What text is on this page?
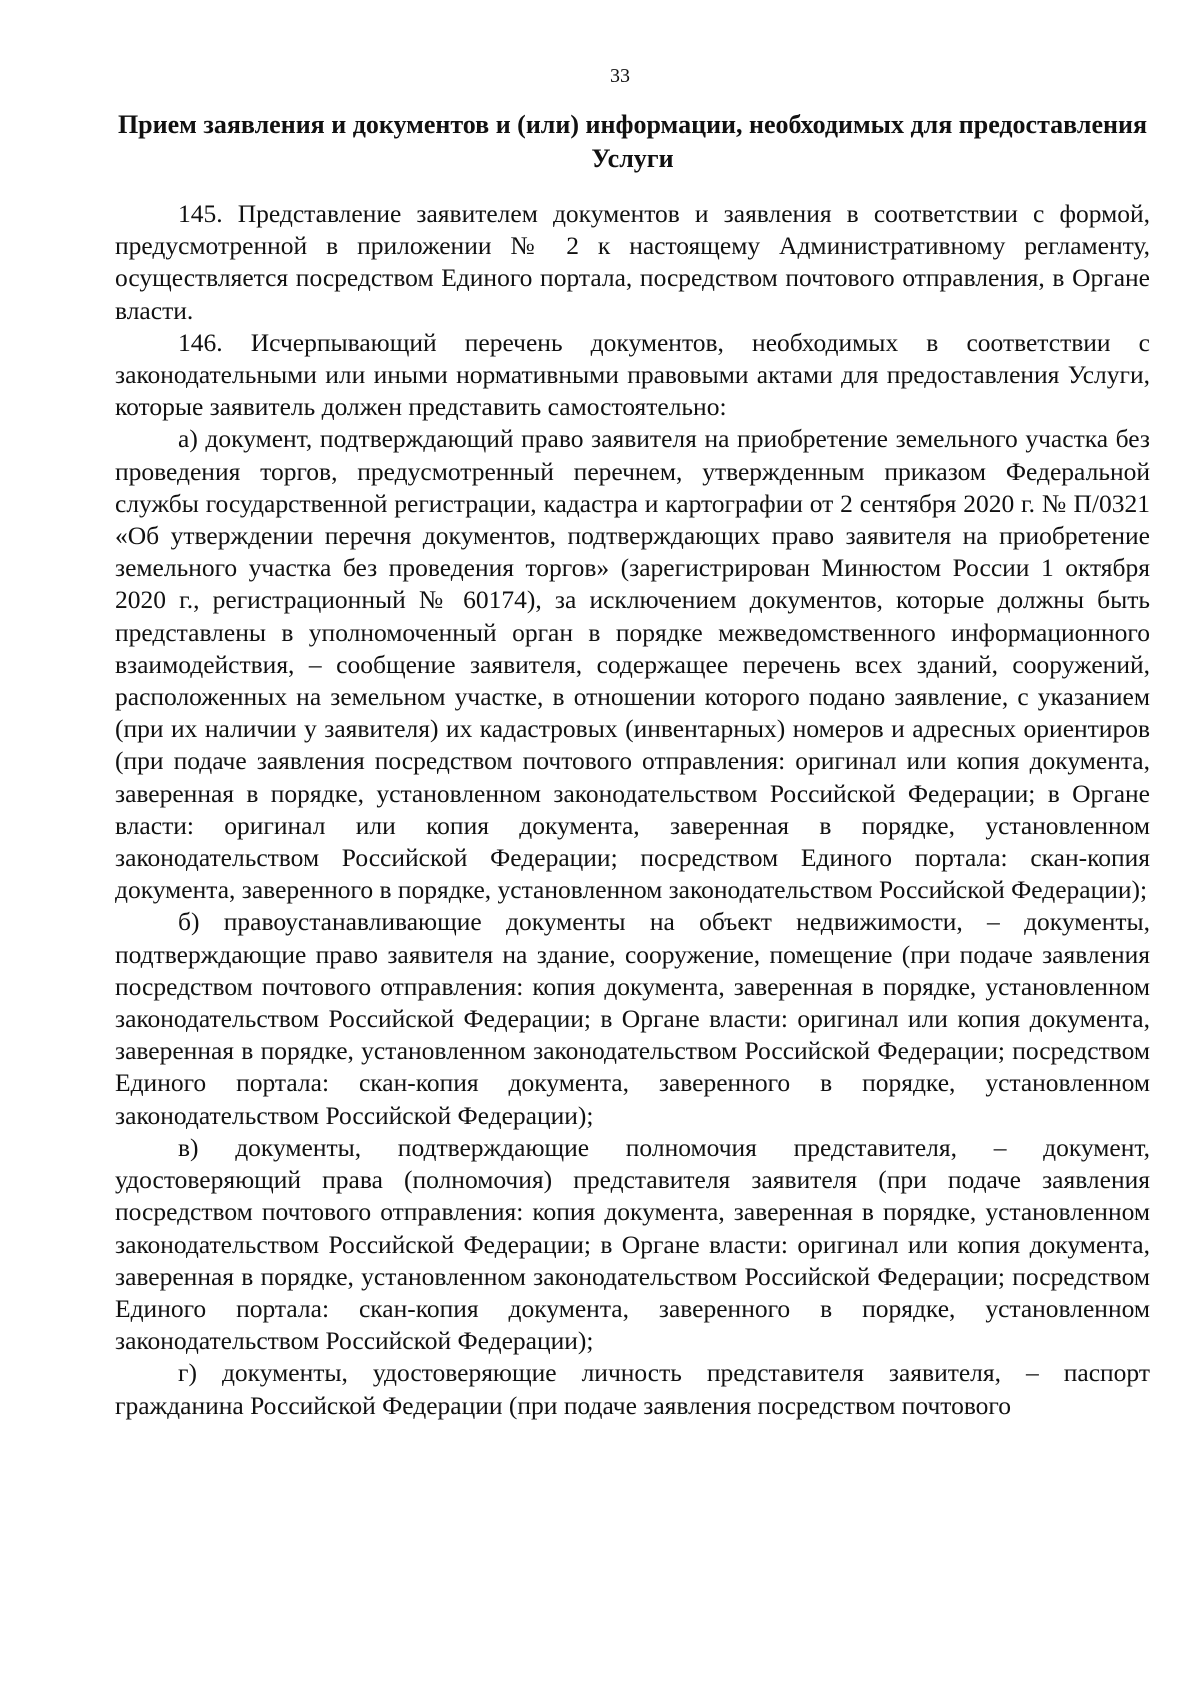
33
Прием заявления и документов и (или) информации, необходимых для предоставления Услуги

145. Представление заявителем документов и заявления в соответствии с формой, предусмотренной в приложении № 2 к настоящему Административному регламенту, осуществляется посредством Единого портала, посредством почтового отправления, в Органе власти.

146. Исчерпывающий перечень документов, необходимых в соответствии с законодательными или иными нормативными правовыми актами для предоставления Услуги, которые заявитель должен представить самостоятельно:

а) документ, подтверждающий право заявителя на приобретение земельного участка без проведения торгов, предусмотренный перечнем, утвержденным приказом Федеральной службы государственной регистрации, кадастра и картографии от 2 сентября 2020 г. № П/0321 «Об утверждении перечня документов, подтверждающих право заявителя на приобретение земельного участка без проведения торгов» (зарегистрирован Минюстом России 1 октября 2020 г., регистрационный № 60174), за исключением документов, которые должны быть представлены в уполномоченный орган в порядке межведомственного информационного взаимодействия, – сообщение заявителя, содержащее перечень всех зданий, сооружений, расположенных на земельном участке, в отношении которого подано заявление, с указанием (при их наличии у заявителя) их кадастровых (инвентарных) номеров и адресных ориентиров (при подаче заявления посредством почтового отправления: оригинал или копия документа, заверенная в порядке, установленном законодательством Российской Федерации; в Органе власти: оригинал или копия документа, заверенная в порядке, установленном законодательством Российской Федерации; посредством Единого портала: скан-копия документа, заверенного в порядке, установленном законодательством Российской Федерации);

б) правоустанавливающие документы на объект недвижимости, – документы, подтверждающие право заявителя на здание, сооружение, помещение (при подаче заявления посредством почтового отправления: копия документа, заверенная в порядке, установленном законодательством Российской Федерации; в Органе власти: оригинал или копия документа, заверенная в порядке, установленном законодательством Российской Федерации; посредством Единого портала: скан-копия документа, заверенного в порядке, установленном законодательством Российской Федерации);

в) документы, подтверждающие полномочия представителя, – документ, удостоверяющий права (полномочия) представителя заявителя (при подаче заявления посредством почтового отправления: копия документа, заверенная в порядке, установленном законодательством Российской Федерации; в Органе власти: оригинал или копия документа, заверенная в порядке, установленном законодательством Российской Федерации; посредством Единого портала: скан-копия документа, заверенного в порядке, установленном законодательством Российской Федерации);

г) документы, удостоверяющие личность представителя заявителя, – паспорт гражданина Российской Федерации (при подаче заявления посредством почтового
